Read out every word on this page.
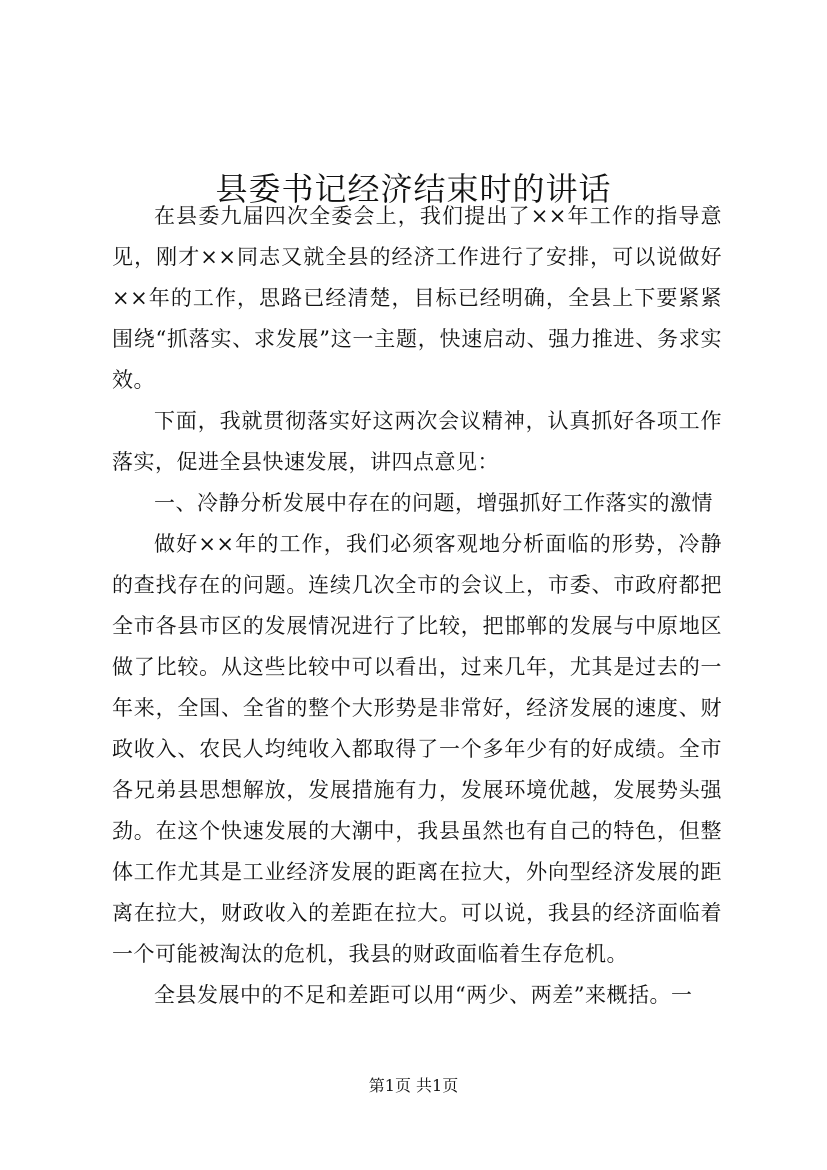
县委书记经济结束时的讲话

在县委九届四次全委会上，我们提出了××年工作的指导意见，刚才××同志又就全县的经济工作进行了安排，可以说做好××年的工作，思路已经清楚，目标已经明确，全县上下要紧紧围绕“抓落实、求发展”这一主题，快速启动、强力推进、务求实效。

下面，我就贯彻落实好这两次会议精神，认真抓好各项工作落实，促进全县快速发展，讲四点意见：

一、冷静分析发展中存在的问题，增强抓好工作落实的激情

做好××年的工作，我们必须客观地分析面临的形势，冷静的查找存在的问题。连续几次全市的会议上，市委、市政府都把全市各县市区的发展情况进行了比较，把邯郸的发展与中原地区做了比较。从这些比较中可以看出，过来几年，尤其是过去的一年来，全国、全省的整个大形势是非常好，经济发展的速度、财政收入、农民人均纯收入都取得了一个多年少有的好成绩。全市各兄弟县思想解放，发展措施有力，发展环境优越，发展势头强劲。在这个快速发展的大潮中，我县虽然也有自己的特色，但整体工作尤其是工业经济发展的距离在拉大，外向型经济发展的距离在拉大，财政收入的差距在拉大。可以说，我县的经济面临着一个可能被淘汰的危机，我县的财政面临着生存危机。

全县发展中的不足和差距可以用“两少、两差”来概括。一

第1页 共1页
